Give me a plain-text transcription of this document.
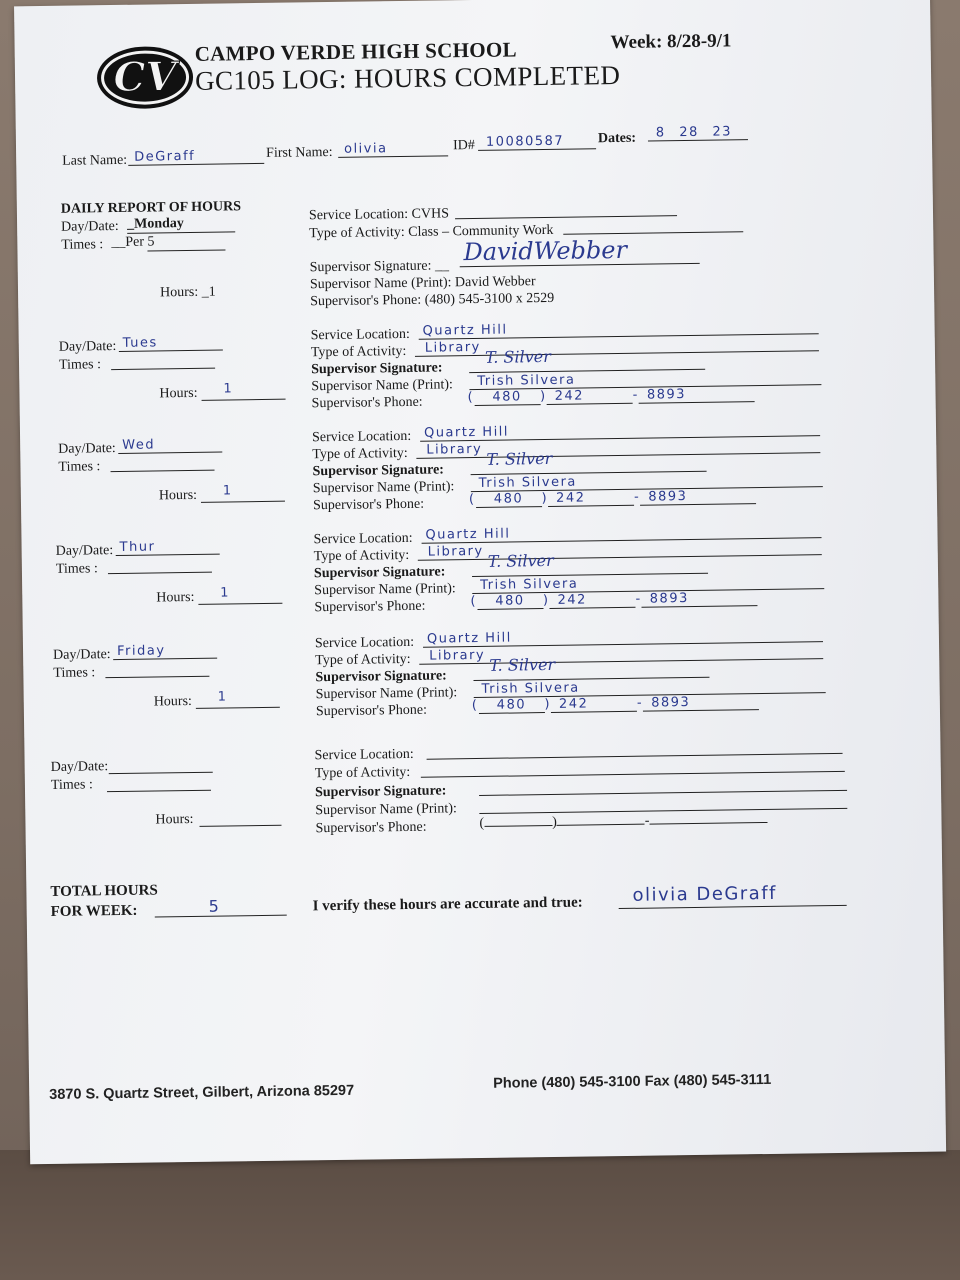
CV
CAMPO VERDE HIGH SCHOOL
GC105 LOG: HOURS COMPLETED
Week: 8/28-9/1
Last Name: DeGraff	First Name: olivia	ID# 10080587 Dates: 8 28 23
DAILY REPORT OF HOURS
Day/Date: _Monday
Times : __Per 5
Hours: _1
Service Location: CVHS
Type of Activity: Class – Community Work
Supervisor Signature: __
DavidWebber
Supervisor Name (Print): David Webber
Supervisor's Phone: (480) 545-3100 x 2529
Day/Date: Tues
Times :
Hours: 1
Service Location: Quartz Hill
Type of Activity: Library
Supervisor Signature:
T. Silver
Supervisor Name (Print): Trish Silvera
Supervisor's Phone:	( 480 ) 242	- 8893
Day/Date: Wed
Times :
Hours: 1
Service Location: Quartz Hill
Type of Activity: Library
Supervisor Signature:
T. Silver
Supervisor Name (Print): Trish Silvera
Supervisor's Phone:	( 480 ) 242	- 8893
Day/Date: Thur
Times :
Hours: 1
Service Location: Quartz Hill
Type of Activity: Library
Supervisor Signature:
T. Silver
Supervisor Name (Print): Trish Silvera
Supervisor's Phone:	( 480 ) 242	- 8893
Day/Date: Friday
Times :
Hours: 1
Service Location: Quartz Hill
Type of Activity: Library
Supervisor Signature:
T. Silver
Supervisor Name (Print): Trish Silvera
Supervisor's Phone:	( 480 ) 242	- 8893
Day/Date:
Times :
Hours:
Service Location:
Type of Activity:
Supervisor Signature:
Supervisor Name (Print):
Supervisor's Phone:	(	)	-
TOTAL HOURS
FOR WEEK:	5	I verify these hours are accurate and true:	olivia DeGraff
3870 S. Quartz Street, Gilbert, Arizona 85297
Phone (480) 545-3100 Fax (480) 545-3111
